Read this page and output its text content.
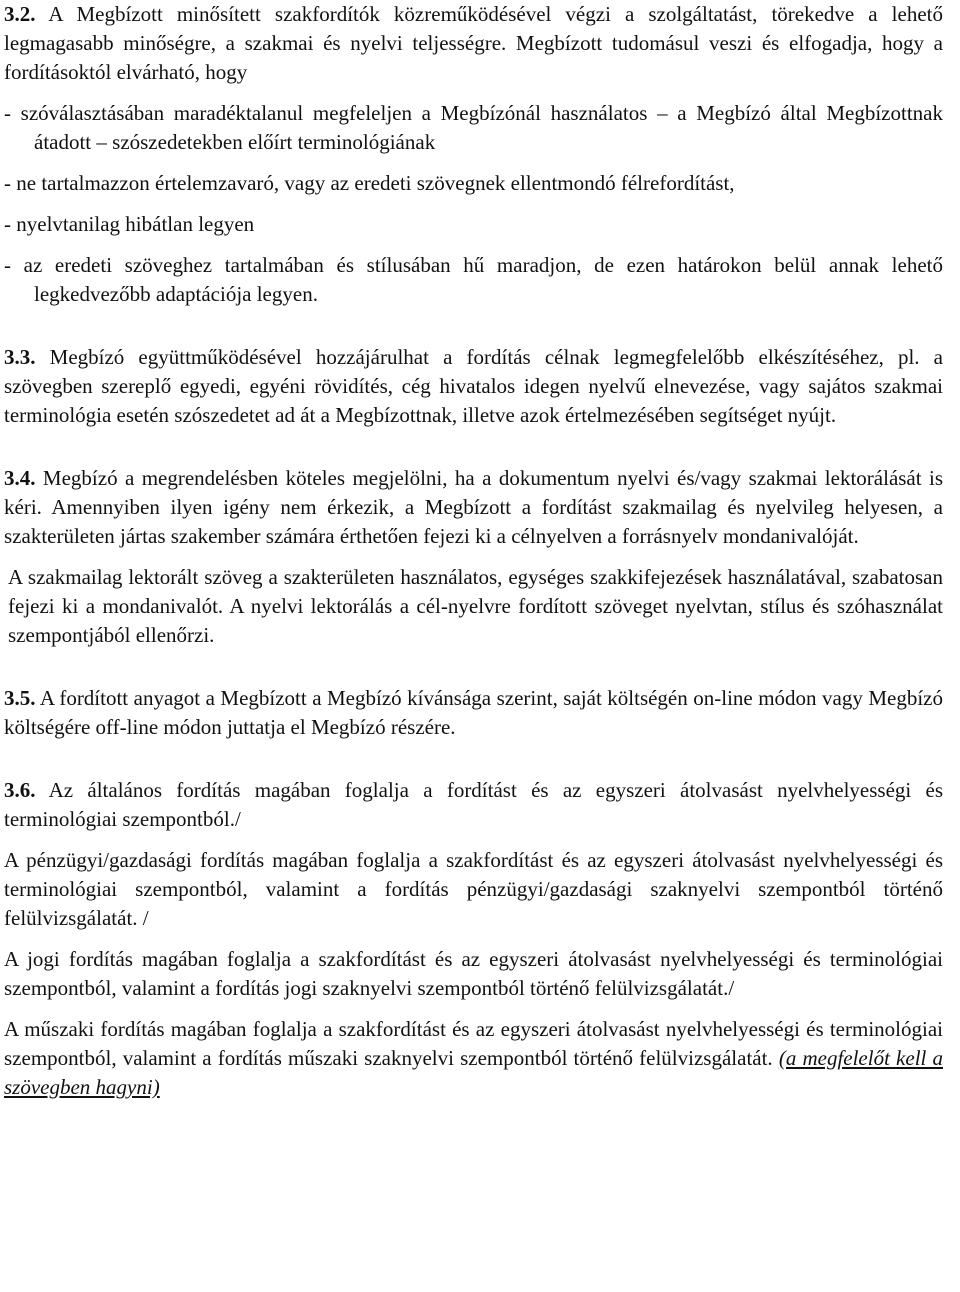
3.2. A Megbízott minősített szakfordítók közreműködésével végzi a szolgáltatást, törekedve a lehető legmagasabb minőségre, a szakmai és nyelvi teljességre. Megbízott tudomásul veszi és elfogadja, hogy a fordításoktól elvárható, hogy

- szóválasztásában maradéktalanul megfeleljen a Megbízónál használatos – a Megbízó által Megbízottnak átadott – szószedetekben előírt terminológiának

- ne tartalmazzon értelemzavaró, vagy az eredeti szövegnek ellentmondó félrefordítást,

- nyelvtanilag hibátlan legyen

- az eredeti szöveghez tartalmában és stílusában hű maradjon, de ezen határokon belül annak lehető legkedvezőbb adaptációja legyen.

3.3. Megbízó együttműködésével hozzájárulhat a fordítás célnak legmegfelelőbb elkészítéséhez, pl. a szövegben szereplő egyedi, egyéni rövidítés, cég hivatalos idegen nyelvű elnevezése, vagy sajátos szakmai terminológia esetén szószedetet ad át a Megbízottnak, illetve azok értelmezésében segítséget nyújt.

3.4. Megbízó a megrendelésben köteles megjelölni, ha a dokumentum nyelvi és/vagy szakmai lektorálását is kéri. Amennyiben ilyen igény nem érkezik, a Megbízott a fordítást szakmailag és nyelvileg helyesen, a szakterületen jártas szakember számára érthetően fejezi ki a célnyelven a forrásnyelv mondanivalóját.

A szakmailag lektorált szöveg a szakterületen használatos, egységes szakkifejezések használatával, szabatosan fejezi ki a mondanivalót. A nyelvi lektorálás a cél-nyelvre fordított szöveget nyelvtan, stílus és szóhasználat szempontjából ellenőrzi.

3.5. A fordított anyagot a Megbízott a Megbízó kívánsága szerint, saját költségén on-line módon vagy Megbízó költségére off-line módon juttatja el Megbízó részére.

3.6. Az általános fordítás magában foglalja a fordítást és az egyszeri átolvasást nyelvhelyességi és terminológiai szempontból./

A pénzügyi/gazdasági fordítás magában foglalja a szakfordítást és az egyszeri átolvasást nyelvhelyességi és terminológiai szempontból, valamint a fordítás pénzügyi/gazdasági szaknyelvi szempontból történő felülvizsgálatát. /

A jogi fordítás magában foglalja a szakfordítást és az egyszeri átolvasást nyelvhelyességi és terminológiai szempontból, valamint a fordítás jogi szaknyelvi szempontból történő felülvizsgálatát./

A műszaki fordítás magában foglalja a szakfordítást és az egyszeri átolvasást nyelvhelyességi és terminológiai szempontból, valamint a fordítás műszaki szaknyelvi szempontból történő felülvizsgálatát. (a megfelelőt kell a szövegben hagyni)
